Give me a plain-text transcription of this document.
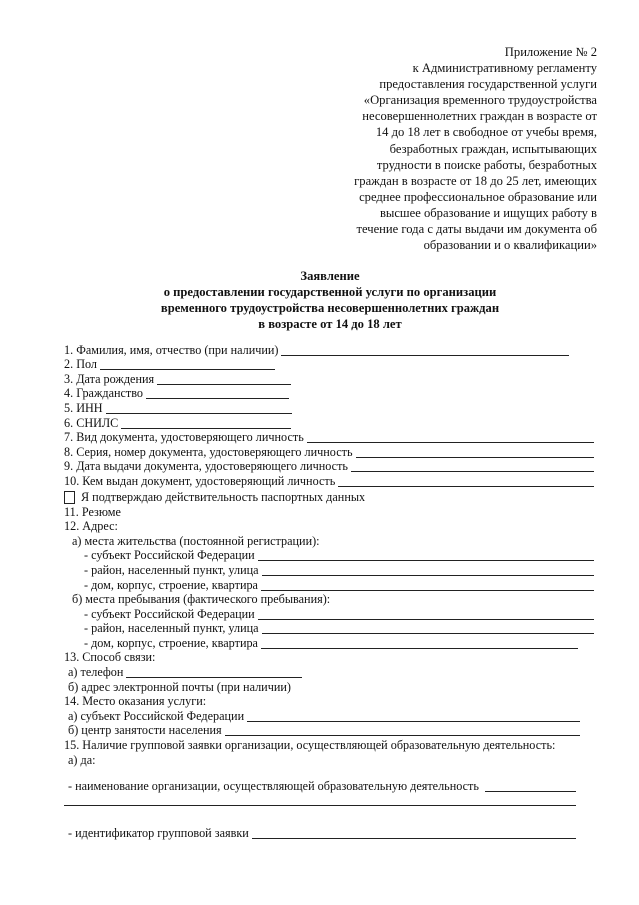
Приложение № 2
к Административному регламенту
предоставления государственной услуги
«Организация временного трудоустройства
несовершеннолетних граждан в возрасте от
14 до 18 лет в свободное от учебы время,
безработных граждан, испытывающих
трудности в поиске работы, безработных
граждан в возрасте от 18 до 25 лет, имеющих
среднее профессиональное образование или
высшее образование и ищущих работу в
течение года с даты выдачи им документа об
образовании и о квалификации»
Заявление
о предоставлении государственной услуги по организации
временного трудоустройства несовершеннолетних граждан
в возрасте от 14 до 18 лет
1. Фамилия, имя, отчество (при наличии)
2. Пол
3. Дата рождения
4. Гражданство
5. ИНН
6. СНИЛС
7. Вид документа, удостоверяющего личность
8. Серия, номер документа, удостоверяющего личность
9. Дата выдачи документа, удостоверяющего личность
10. Кем выдан документ, удостоверяющий личность
Я подтверждаю действительность паспортных данных
11. Резюме
12. Адрес:
а) места жительства (постоянной регистрации):
- субъект Российской Федерации
- район, населенный пункт, улица
- дом, корпус, строение, квартира
б) места пребывания (фактического пребывания):
- субъект Российской Федерации
- район, населенный пункт, улица
- дом, корпус, строение, квартира
13. Способ связи:
а) телефон
б) адрес электронной почты (при наличии)
14. Место оказания услуги:
а) субъект Российской Федерации
б) центр занятости населения
15. Наличие групповой заявки организации, осуществляющей образовательную деятельность:
а) да:
- наименование организации, осуществляющей образовательную деятельность
- идентификатор групповой заявки
